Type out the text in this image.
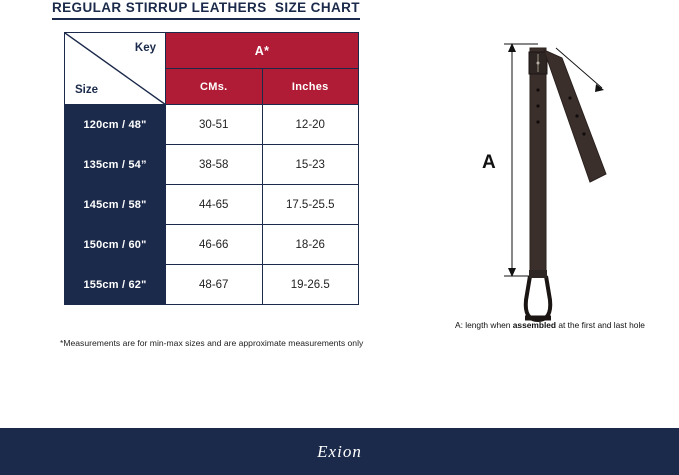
REGULAR STIRRUP LEATHERS  SIZE CHART
Key
Size	A*	
	CMs.	Inches
120cm / 48"	30-51	12-20
135cm / 54”	38-58	15-23
145cm / 58"	44-65	17.5-25.5
150cm / 60"	46-66	18-26
155cm / 62"	48-67	19-26.5
*Measurements are for min-max sizes and are approximate measurements only
A
A: length when assembled at the first and last hole
Exion
